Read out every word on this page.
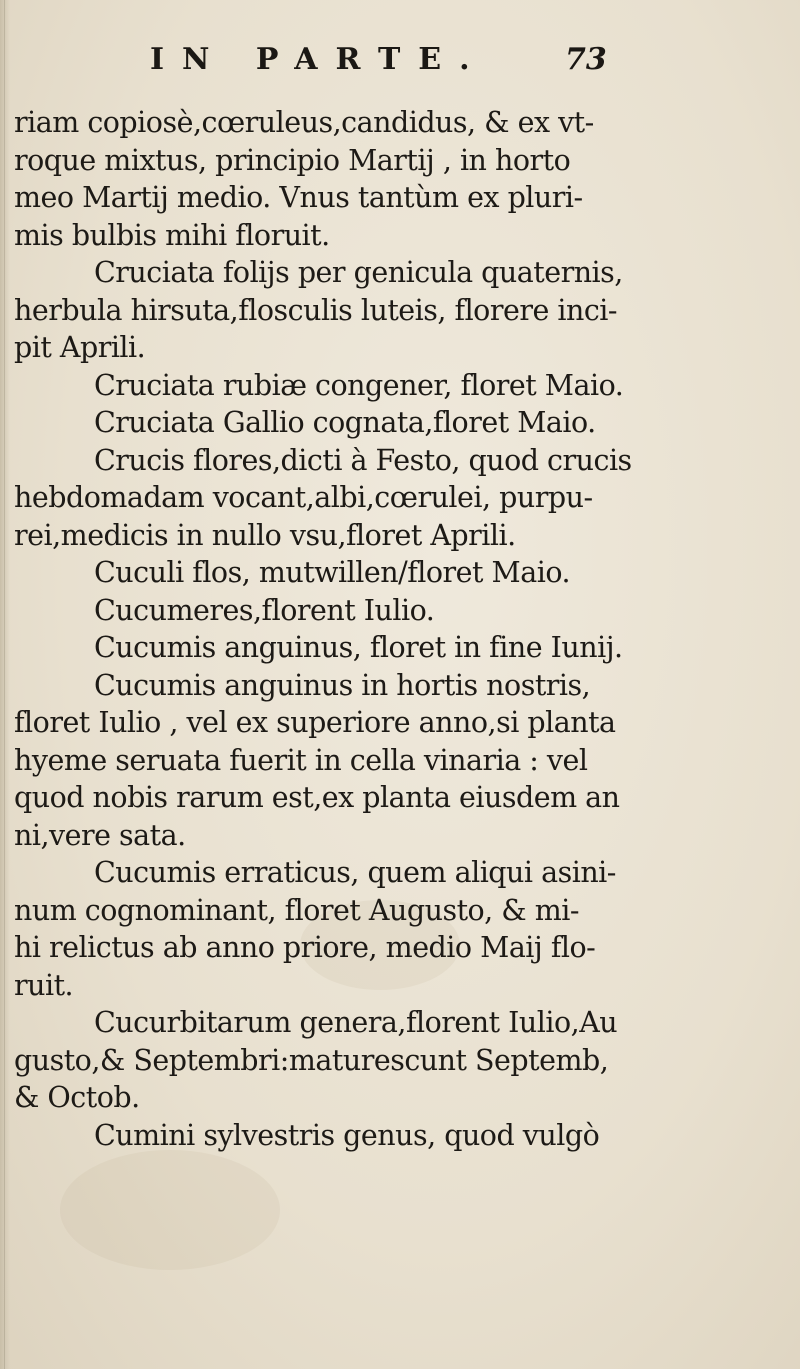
IN PARTE.	73
riam copiosè,cœruleus,candidus, & ex vt-
roque mixtus, principio Martij , in horto
meo Martij medio. Vnus tantùm ex pluri-
mis bulbis mihi floruit.
Cruciata folijs per genicula quaternis,
herbula hirsuta,flosculis luteis, florere inci-
pit Aprili.
Cruciata rubiæ congener, floret Maio.
Cruciata Gallio cognata,floret Maio.
Crucis flores,dicti à Festo, quod crucis
hebdomadam vocant,albi,cœrulei, purpu-
rei,medicis in nullo vsu,floret Aprili.
Cuculi flos, mutwillen/floret Maio.
Cucumeres,florent Iulio.
Cucumis anguinus, floret in fine Iunij.
Cucumis anguinus in hortis nostris,
floret Iulio , vel ex superiore anno,si planta
hyeme seruata fuerit in cella vinaria : vel
quod nobis rarum est,ex planta eiusdem an
ni,vere sata.
Cucumis erraticus, quem aliqui asini-
num cognominant, floret Augusto, & mi-
hi relictus ab anno priore, medio Maij flo-
ruit.
Cucurbitarum genera,florent Iulio,Au
gusto,& Septembri:maturescunt Septemb,
& Octob.
Cumini sylvestris genus, quod vulgò
